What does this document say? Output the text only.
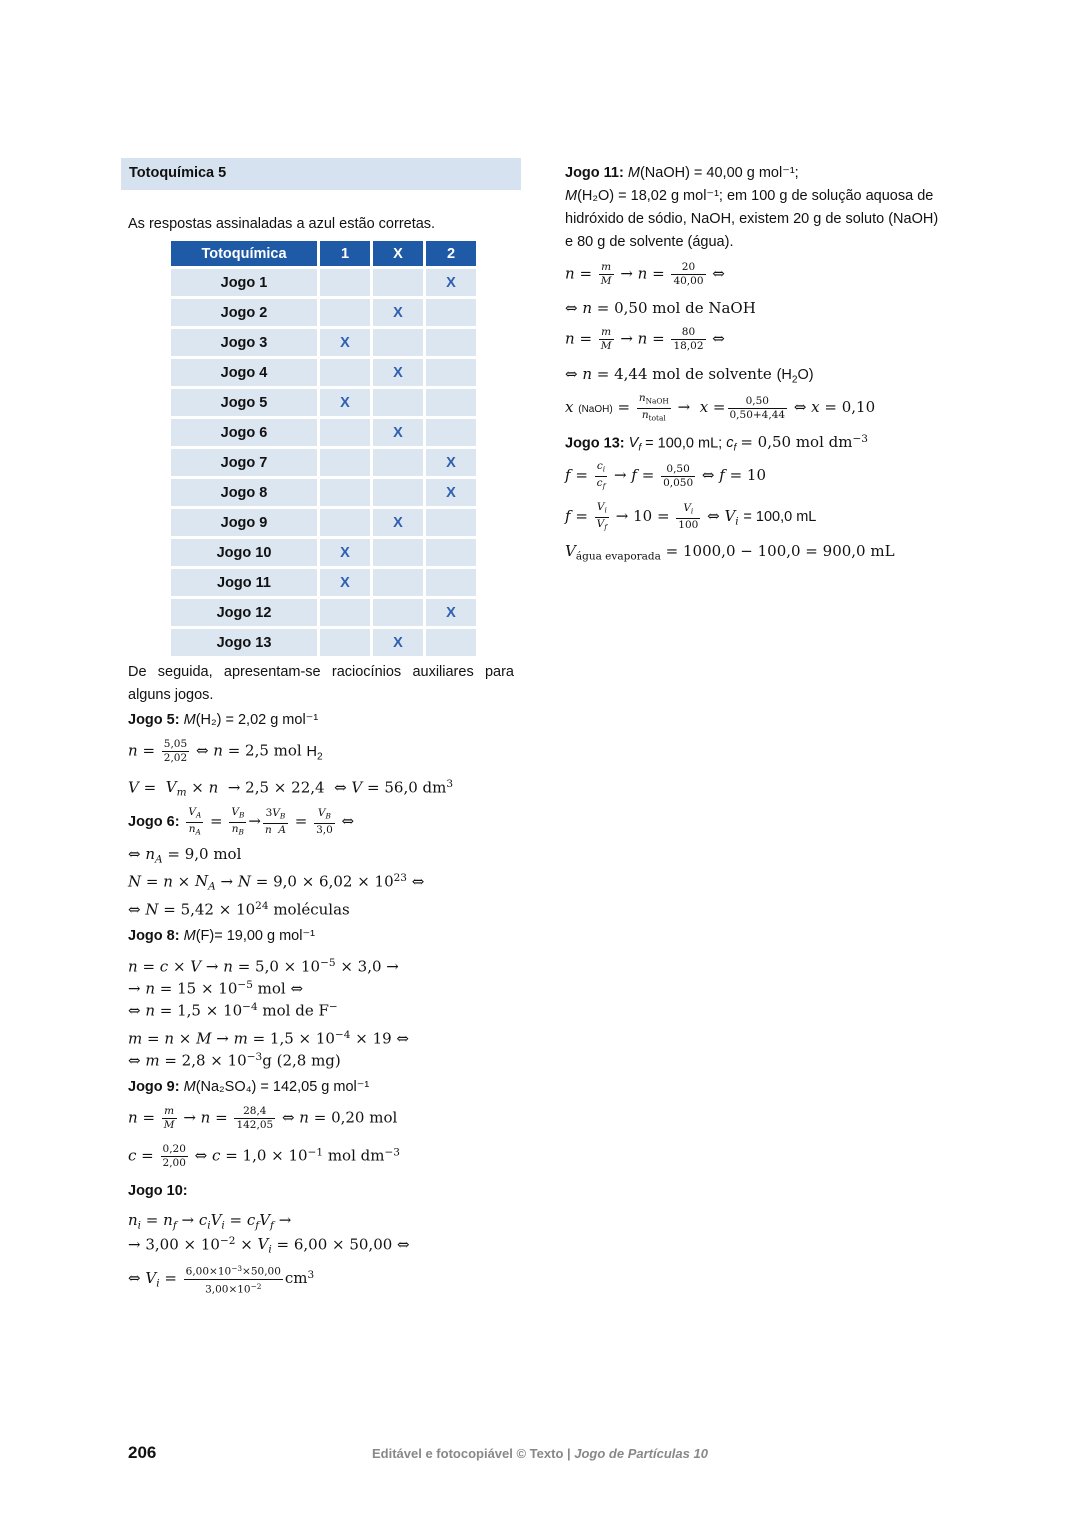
Totoquímica 5
As respostas assinaladas a azul estão corretas.
Totoquímica	1	X	2
Jogo 1			X
Jogo 2		X	
Jogo 3	X		
Jogo 4		X	
Jogo 5	X		
Jogo 6		X	
Jogo 7			X
Jogo 8			X
Jogo 9		X	
Jogo 10	X		
Jogo 11	X		
Jogo 12			X
Jogo 13		X	
De seguida, apresentam-se raciocínios auxiliares para alguns jogos.
Jogo 5: M(H₂) = 2,02 g mol⁻¹
$n = \frac{5,05}{2,02}$ ⇔ n = 2,5 mol $H_2$
$V = V_m \times n \to 2,5 \times 22,4$  ⇔ V = 56,0 $dm^3$
Jogo 6: $\frac{V_A}{n_A} = \frac{V_B}{n_B} \to \frac{3V_B}{\text{n  A}} = \frac{V_B}{3,0}$ ⇔
⇔ $n_A = 9,0$ mol
$N = n \times N_A \to N = 9,0 \times 6,02 \times 10^{23}$ ⇔
⇔ $N = 5,42 \times 10^{24}$ moléculas
Jogo 8: M(F)= 19,00 g mol⁻¹
$n = c \times V \to n = 5,0 \times 10^{-5} \times 3,0$ →
→ $n = 15 \times 10^{-5}$ mol ⇔
⇔ $n = 1,5 \times 10^{-4}$ mol de F−
$m = n \times M \to m = 1,5 \times 10^{-4} \times 19$ ⇔
⇔ $m = 2,8 \times 10^{-3}g$ (2,8 mg)
Jogo 9: M(Na₂SO₄) = 142,05 g mol⁻¹
$n = \frac{m}{M} \to n = \frac{28,4}{142,05}$ ⇔ n = 0,20 mol
$c = \frac{0,20}{2,00}$ ⇔ $c = 1,0 \times 10^{-1}$ mol $dm^{-3}$
Jogo 10:
$n_i = n_f \to c_iV_i = c_fV_f$ →
→ $3,00 \times 10^{-2} \times V_i = 6,00 \times 50,00$ ⇔
⇔ $V_i = \frac{6,00\times 10^{-3}\times 50,00}{3,00\times 10^{-2}} cm^3$
Jogo 11: M(NaOH) = 40,00 g mol⁻¹;
M(H₂O) = 18,02 g mol⁻¹; em 100 g de solução aquosa de
hidróxido de sódio, NaOH, existem 20 g de soluto (NaOH)
e 80 g de solvente (água).
$n = \frac{m}{M} \to n = \frac{20}{40,00}$ ⇔
⇔ n = 0,50 mol de NaOH
$n = \frac{m}{M} \to n = \frac{80}{18,02}$ ⇔
⇔ n = 4,44 mol de solvente $(H_2O)$
x (NaOH) = $\frac{n_{NaOH}}{n_{total}} \to x = \frac{0,50}{0,50+4,44}$ ⇔ x = 0,10
Jogo 13: $V_f = 100,0$ mL; $c_f = 0,50$ mol $dm^{-3}$
$f = \frac{c_i}{c_f} \to f = \frac{0,50}{0,050}$ ⇔ f = 10
$f = \frac{V_i}{V_f} \to 10 = \frac{V_i}{100}$ ⇔ $V_i = 100,0$ mL
$V_{água evaporada} = 1000,0 - 100,0 = 900,0$ mL
206	Editável e fotocopiável © Texto | Jogo de Partículas 10
